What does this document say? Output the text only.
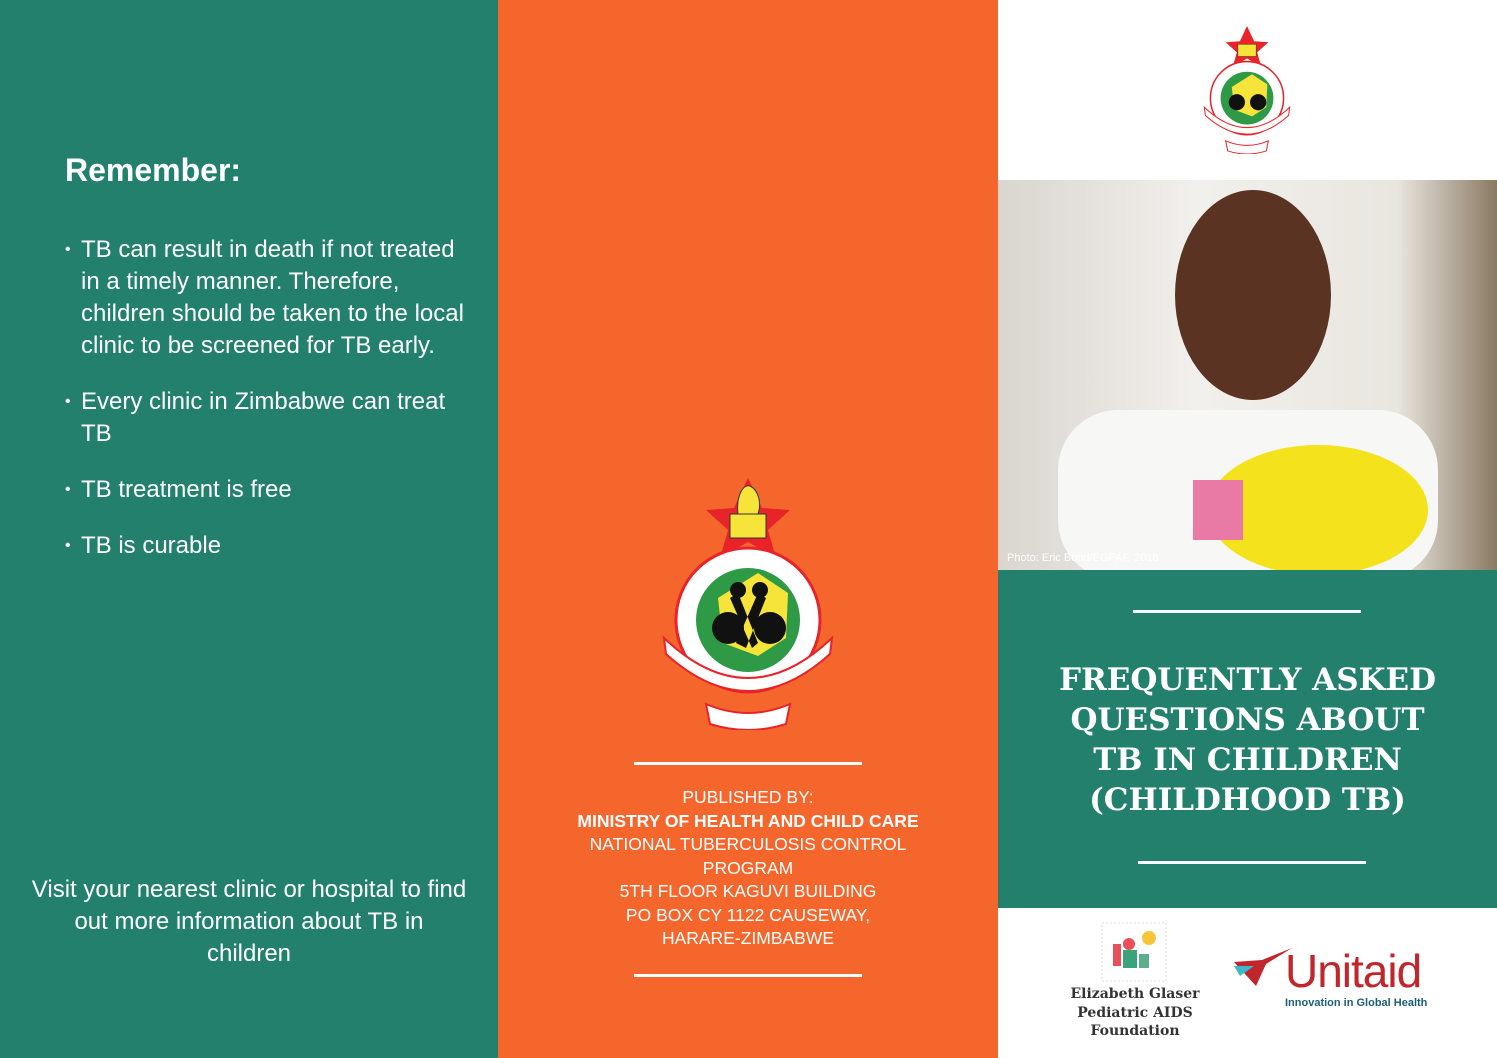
Remember:
• TB can result in death if not treated in a timely manner. Therefore, children should be taken to the local clinic to be screened for TB early.
• Every clinic in Zimbabwe can treat TB
• TB treatment is free
• TB is curable
Visit your nearest clinic or hospital to find out more information about TB in children
PUBLISHED BY:
MINISTRY OF HEALTH AND CHILD CARE
NATIONAL TUBERCULOSIS CONTROL
PROGRAM
5TH FLOOR KAGUVI BUILDING
PO BOX CY 1122 CAUSEWAY,
HARARE-ZIMBABWE
Photo: Eric Bond/EGPAF, 2018
FREQUENTLY ASKED
QUESTIONS ABOUT
TB IN CHILDREN
(CHILDHOOD TB)
Elizabeth Glaser
Pediatric AIDS
Foundation
Unitaid
Innovation in Global Health
